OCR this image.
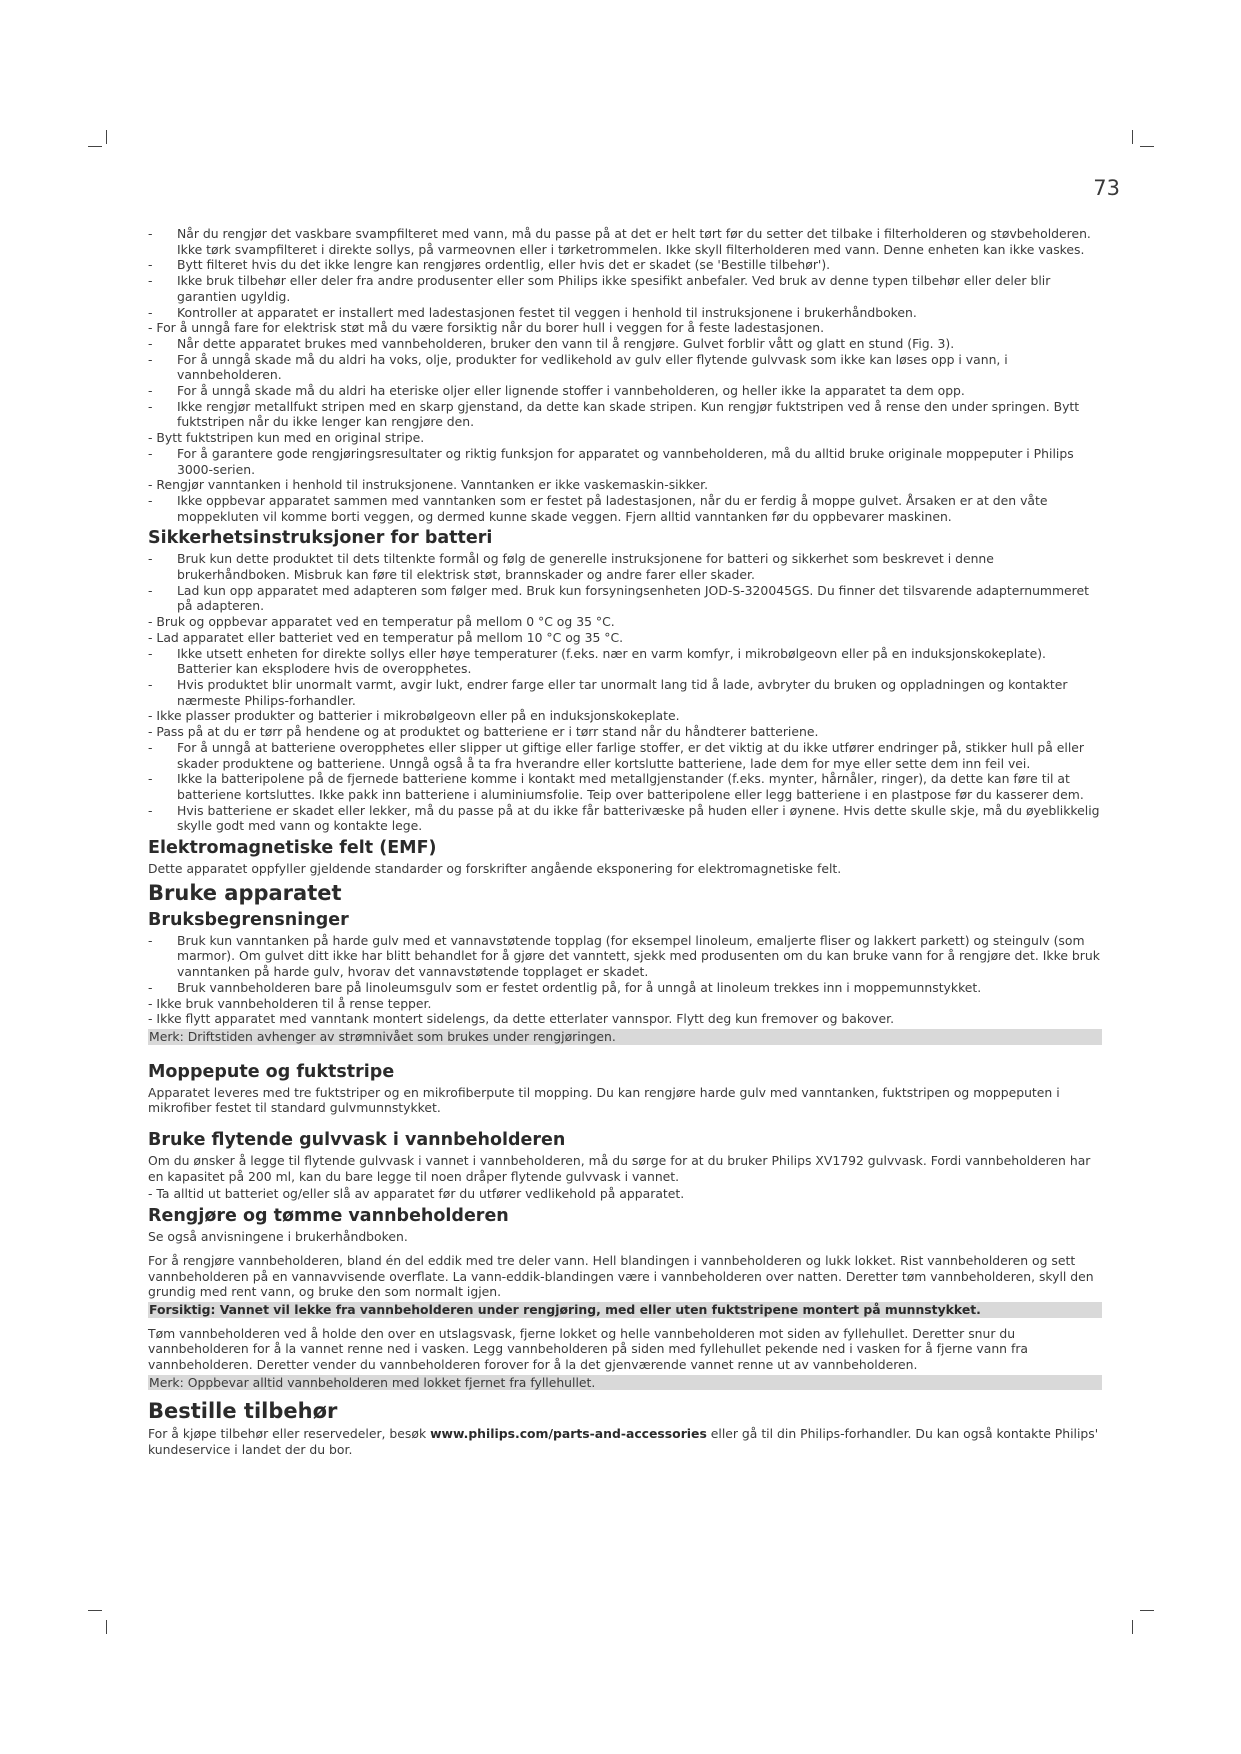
73
- Når du rengjør det vaskbare svampfilteret med vann, må du passe på at det er helt tørt før du setter det tilbake i filterholderen og støvbeholderen. Ikke tørk svampfilteret i direkte sollys, på varmeovnen eller i tørketrommelen. Ikke skyll filterholderen med vann. Denne enheten kan ikke vaskes.
- Bytt filteret hvis du det ikke lengre kan rengjøres ordentlig, eller hvis det er skadet (se 'Bestille tilbehør').
- Ikke bruk tilbehør eller deler fra andre produsenter eller som Philips ikke spesifikt anbefaler. Ved bruk av denne typen tilbehør eller deler blir garantien ugyldig.
- Kontroller at apparatet er installert med ladestasjonen festet til veggen i henhold til instruksjonene i brukerhåndboken.
- For å unngå fare for elektrisk støt må du være forsiktig når du borer hull i veggen for å feste ladestasjonen.
- Når dette apparatet brukes med vannbeholderen, bruker den vann til å rengjøre. Gulvet forblir vått og glatt en stund (Fig. 3).
- For å unngå skade må du aldri ha voks, olje, produkter for vedlikehold av gulv eller flytende gulvvask som ikke kan løses opp i vann, i vannbeholderen.
- For å unngå skade må du aldri ha eteriske oljer eller lignende stoffer i vannbeholderen, og heller ikke la apparatet ta dem opp.
- Ikke rengjør metallfukt stripen med en skarp gjenstand, da dette kan skade stripen. Kun rengjør fuktstripen ved å rense den under springen. Bytt fuktstripen når du ikke lenger kan rengjøre den.
- Bytt fuktstripen kun med en original stripe.
- For å garantere gode rengjøringsresultater og riktig funksjon for apparatet og vannbeholderen, må du alltid bruke originale moppeputer i Philips 3000-serien.
- Rengjør vanntanken i henhold til instruksjonene. Vanntanken er ikke vaskemaskin-sikker.
- Ikke oppbevar apparatet sammen med vanntanken som er festet på ladestasjonen, når du er ferdig å moppe gulvet. Årsaken er at den våte moppekluten vil komme borti veggen, og dermed kunne skade veggen. Fjern alltid vanntanken før du oppbevarer maskinen.
Sikkerhetsinstruksjoner for batteri
- Bruk kun dette produktet til dets tiltenkte formål og følg de generelle instruksjonene for batteri og sikkerhet som beskrevet i denne brukerhåndboken. Misbruk kan føre til elektrisk støt, brannskader og andre farer eller skader.
- Lad kun opp apparatet med adapteren som følger med. Bruk kun forsyningsenheten JOD-S-320045GS. Du finner det tilsvarende adapternummeret på adapteren.
- Bruk og oppbevar apparatet ved en temperatur på mellom 0 °C og 35 °C.
- Lad apparatet eller batteriet ved en temperatur på mellom 10 °C og 35 °C.
- Ikke utsett enheten for direkte sollys eller høye temperaturer (f.eks. nær en varm komfyr, i mikrobølgeovn eller på en induksjonskokeplate). Batterier kan eksplodere hvis de overopphetes.
- Hvis produktet blir unormalt varmt, avgir lukt, endrer farge eller tar unormalt lang tid å lade, avbryter du bruken og oppladningen og kontakter nærmeste Philips-forhandler.
- Ikke plasser produkter og batterier i mikrobølgeovn eller på en induksjonskokeplate.
- Pass på at du er tørr på hendene og at produktet og batteriene er i tørr stand når du håndterer batteriene.
- For å unngå at batteriene overopphetes eller slipper ut giftige eller farlige stoffer, er det viktig at du ikke utfører endringer på, stikker hull på eller skader produktene og batteriene. Unngå også å ta fra hverandre eller kortslutte batteriene, lade dem for mye eller sette dem inn feil vei.
- Ikke la batteripolene på de fjernede batteriene komme i kontakt med metallgjenstander (f.eks. mynter, hårnåler, ringer), da dette kan føre til at batteriene kortsluttes. Ikke pakk inn batteriene i aluminiumsfolie. Teip over batteripolene eller legg batteriene i en plastpose før du kasserer dem.
- Hvis batteriene er skadet eller lekker, må du passe på at du ikke får batterivæske på huden eller i øynene. Hvis dette skulle skje, må du øyeblikkelig skylle godt med vann og kontakte lege.
Elektromagnetiske felt (EMF)

Dette apparatet oppfyller gjeldende standarder og forskrifter angående eksponering for elektromagnetiske felt.

Bruke apparatet
Bruksbegrensninger
- Bruk kun vanntanken på harde gulv med et vannavstøtende topplag (for eksempel linoleum, emaljerte fliser og lakkert parkett) og steingulv (som marmor). Om gulvet ditt ikke har blitt behandlet for å gjøre det vanntett, sjekk med produsenten om du kan bruke vann for å rengjøre det. Ikke bruk vanntanken på harde gulv, hvorav det vannavstøtende topplaget er skadet.
- Bruk vannbeholderen bare på linoleumsgulv som er festet ordentlig på, for å unngå at linoleum trekkes inn i moppemunnstykket.
- Ikke bruk vannbeholderen til å rense tepper.
- Ikke flytt apparatet med vanntank montert sidelengs, da dette etterlater vannspor. Flytt deg kun fremover og bakover.
Merk: Driftstiden avhenger av strømnivået som brukes under rengjøringen.
Moppepute og fuktstripe

Apparatet leveres med tre fuktstriper og en mikrofiberpute til mopping. Du kan rengjøre harde gulv med vanntanken, fuktstripen og moppeputen i mikrofiber festet til standard gulvmunnstykket.

Bruke flytende gulvvask i vannbeholderen

Om du ønsker å legge til flytende gulvvask i vannet i vannbeholderen, må du sørge for at du bruker Philips XV1792 gulvvask. Fordi vannbeholderen har en kapasitet på 200 ml, kan du bare legge til noen dråper flytende gulvvask i vannet.

- Ta alltid ut batteriet og/eller slå av apparatet før du utfører vedlikehold på apparatet.

Rengjøre og tømme vannbeholderen

Se også anvisningene i brukerhåndboken.

For å rengjøre vannbeholderen, bland én del eddik med tre deler vann. Hell blandingen i vannbeholderen og lukk lokket. Rist vannbeholderen og sett vannbeholderen på en vannavvisende overflate. La vann-eddik-blandingen være i vannbeholderen over natten. Deretter tøm vannbeholderen, skyll den grundig med rent vann, og bruke den som normalt igjen.

Forsiktig: Vannet vil lekke fra vannbeholderen under rengjøring, med eller uten fuktstripene montert på munnstykket.

Tøm vannbeholderen ved å holde den over en utslagsvask, fjerne lokket og helle vannbeholderen mot siden av fyllehullet. Deretter snur du vannbeholderen for å la vannet renne ned i vasken. Legg vannbeholderen på siden med fyllehullet pekende ned i vasken for å fjerne vann fra vannbeholderen. Deretter vender du vannbeholderen forover for å la det gjenværende vannet renne ut av vannbeholderen.

Merk: Oppbevar alltid vannbeholderen med lokket fjernet fra fyllehullet.
Bestille tilbehør

For å kjøpe tilbehør eller reservedeler, besøk www.philips.com/parts-and-accessories eller gå til din Philips-forhandler. Du kan også kontakte Philips' kundeservice i landet der du bor.
